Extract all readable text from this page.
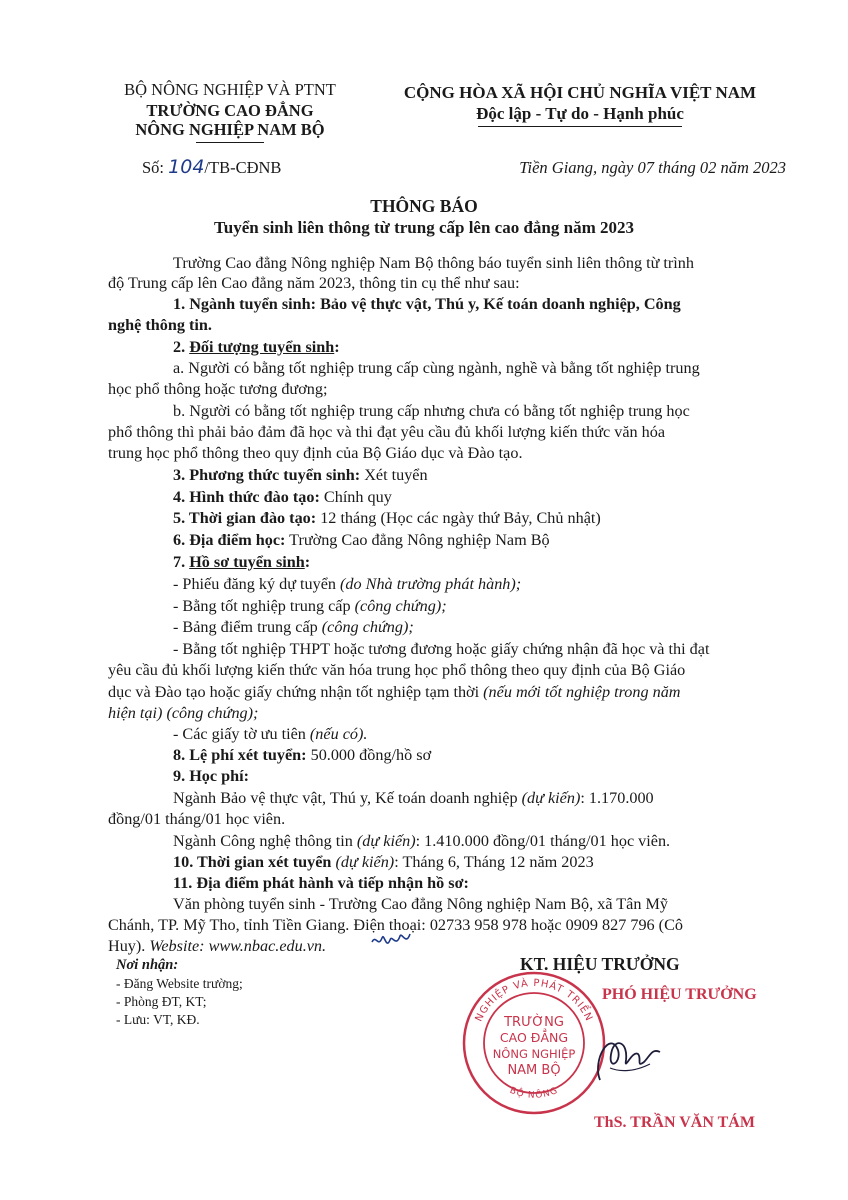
BỘ NÔNG NGHIỆP VÀ PTNT
TRƯỜNG CAO ĐẲNG
NÔNG NGHIỆP NAM BỘ
Số: 104/TB-CĐNB
CỘNG HÒA XÃ HỘI CHỦ NGHĨA VIỆT NAM
Độc lập - Tự do - Hạnh phúc
Tiền Giang, ngày 07 tháng 02 năm 2023
THÔNG BÁO
Tuyển sinh liên thông từ trung cấp lên cao đẳng năm 2023
Trường Cao đẳng Nông nghiệp Nam Bộ thông báo tuyển sinh liên thông từ trình
độ Trung cấp lên Cao đẳng năm 2023, thông tin cụ thể như sau:
1. Ngành tuyển sinh: Bảo vệ thực vật, Thú y, Kế toán doanh nghiệp, Công
nghệ thông tin.
2. Đối tượng tuyển sinh:
a. Người có bằng tốt nghiệp trung cấp cùng ngành, nghề và bằng tốt nghiệp trung
học phổ thông hoặc tương đương;
b. Người có bằng tốt nghiệp trung cấp nhưng chưa có bằng tốt nghiệp trung học
phổ thông thì phải bảo đảm đã học và thi đạt yêu cầu đủ khối lượng kiến thức văn hóa
trung học phổ thông theo quy định của Bộ Giáo dục và Đào tạo.
3. Phương thức tuyển sinh: Xét tuyển
4. Hình thức đào tạo: Chính quy
5. Thời gian đào tạo: 12 tháng (Học các ngày thứ Bảy, Chủ nhật)
6. Địa điểm học: Trường Cao đẳng Nông nghiệp Nam Bộ
7. Hồ sơ tuyển sinh:
- Phiếu đăng ký dự tuyển (do Nhà trường phát hành);
- Bằng tốt nghiệp trung cấp (công chứng);
- Bảng điểm trung cấp (công chứng);
- Bằng tốt nghiệp THPT hoặc tương đương hoặc giấy chứng nhận đã học và thi đạt
yêu cầu đủ khối lượng kiến thức văn hóa trung học phổ thông theo quy định của Bộ Giáo
dục và Đào tạo hoặc giấy chứng nhận tốt nghiệp tạm thời (nếu mới tốt nghiệp trong năm
hiện tại) (công chứng);
- Các giấy tờ ưu tiên (nếu có).
8. Lệ phí xét tuyển: 50.000 đồng/hồ sơ
9. Học phí:
Ngành Bảo vệ thực vật, Thú y, Kế toán doanh nghiệp (dự kiến): 1.170.000
đồng/01 tháng/01 học viên.
Ngành Công nghệ thông tin (dự kiến): 1.410.000 đồng/01 tháng/01 học viên.
10. Thời gian xét tuyển (dự kiến): Tháng 6, Tháng 12 năm 2023
11. Địa điểm phát hành và tiếp nhận hồ sơ:
Văn phòng tuyển sinh - Trường Cao đẳng Nông nghiệp Nam Bộ, xã Tân Mỹ
Chánh, TP. Mỹ Tho, tỉnh Tiền Giang. Điện thoại: 02733 958 978 hoặc 0909 827 796 (Cô
Huy). Website: www.nbac.edu.vn.
Nơi nhận:
- Đăng Website trường;
- Phòng ĐT, KT;
- Lưu: VT, KĐ.
KT. HIỆU TRƯỞNG
PHÓ HIỆU TRƯỞNG
NGHIỆP VÀ PHÁT TRIỂN
BỘ NÔNG
TRƯỜNG
CAO ĐẲNG
NÔNG NGHIỆP
NAM BỘ
ThS. TRẦN VĂN TÁM
